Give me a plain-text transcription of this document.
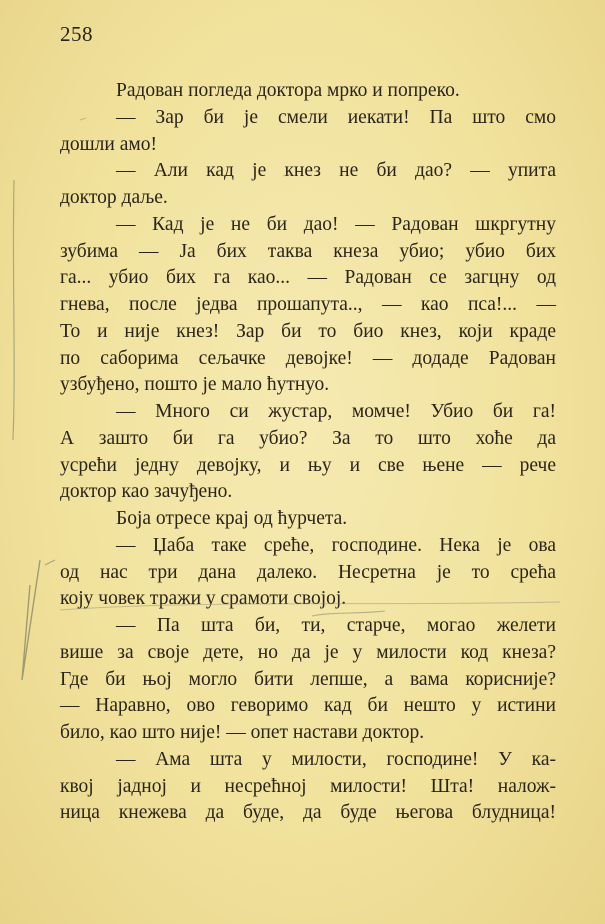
258
Радован погледа доктора мрко и попреко.
— Зар би је смели иекати! Па што смо
дошли амо!
— Али кад је кнез не би дао? — упита
доктор даље.
— Кад је не би дао! — Радован шкргутну
зубима — Ја бих таква кнеза убио; убио бих
га... убио бих га као... — Радован се загцну од
гнева, после једва прошапута.., — као пса!... —
То и није кнез! Зар би то био кнез, који краде
по саборима сељачке девојке! — додаде Радован
узбуђено, пошто је мало ћутнуо.
— Много си жустар, момче! Убио би га!
А зашто би га убио? За то што хоће да
усрећи једну девојку, и њу и све њене — рече
доктор као зачуђено.
Боја отресе крај од ћурчета.
— Џаба таке среће, господине. Нека је ова
од нас три дана далеко. Несретна је то срећа
коју човек тражи у срамоти својој.
— Па шта би, ти, старче, могао желети
више за своје дете, но да је у милости код кнеза?
Где би њој могло бити лепше, а вама корисније?
— Наравно, ово геворимо кад би нешто у истини
било, као што није! — опет настави доктор.
— Ама шта у милости, господине! У ка-
квој јадној и несрећној милости! Шта! налож-
ница кнежева да буде, да буде његова блудница!
